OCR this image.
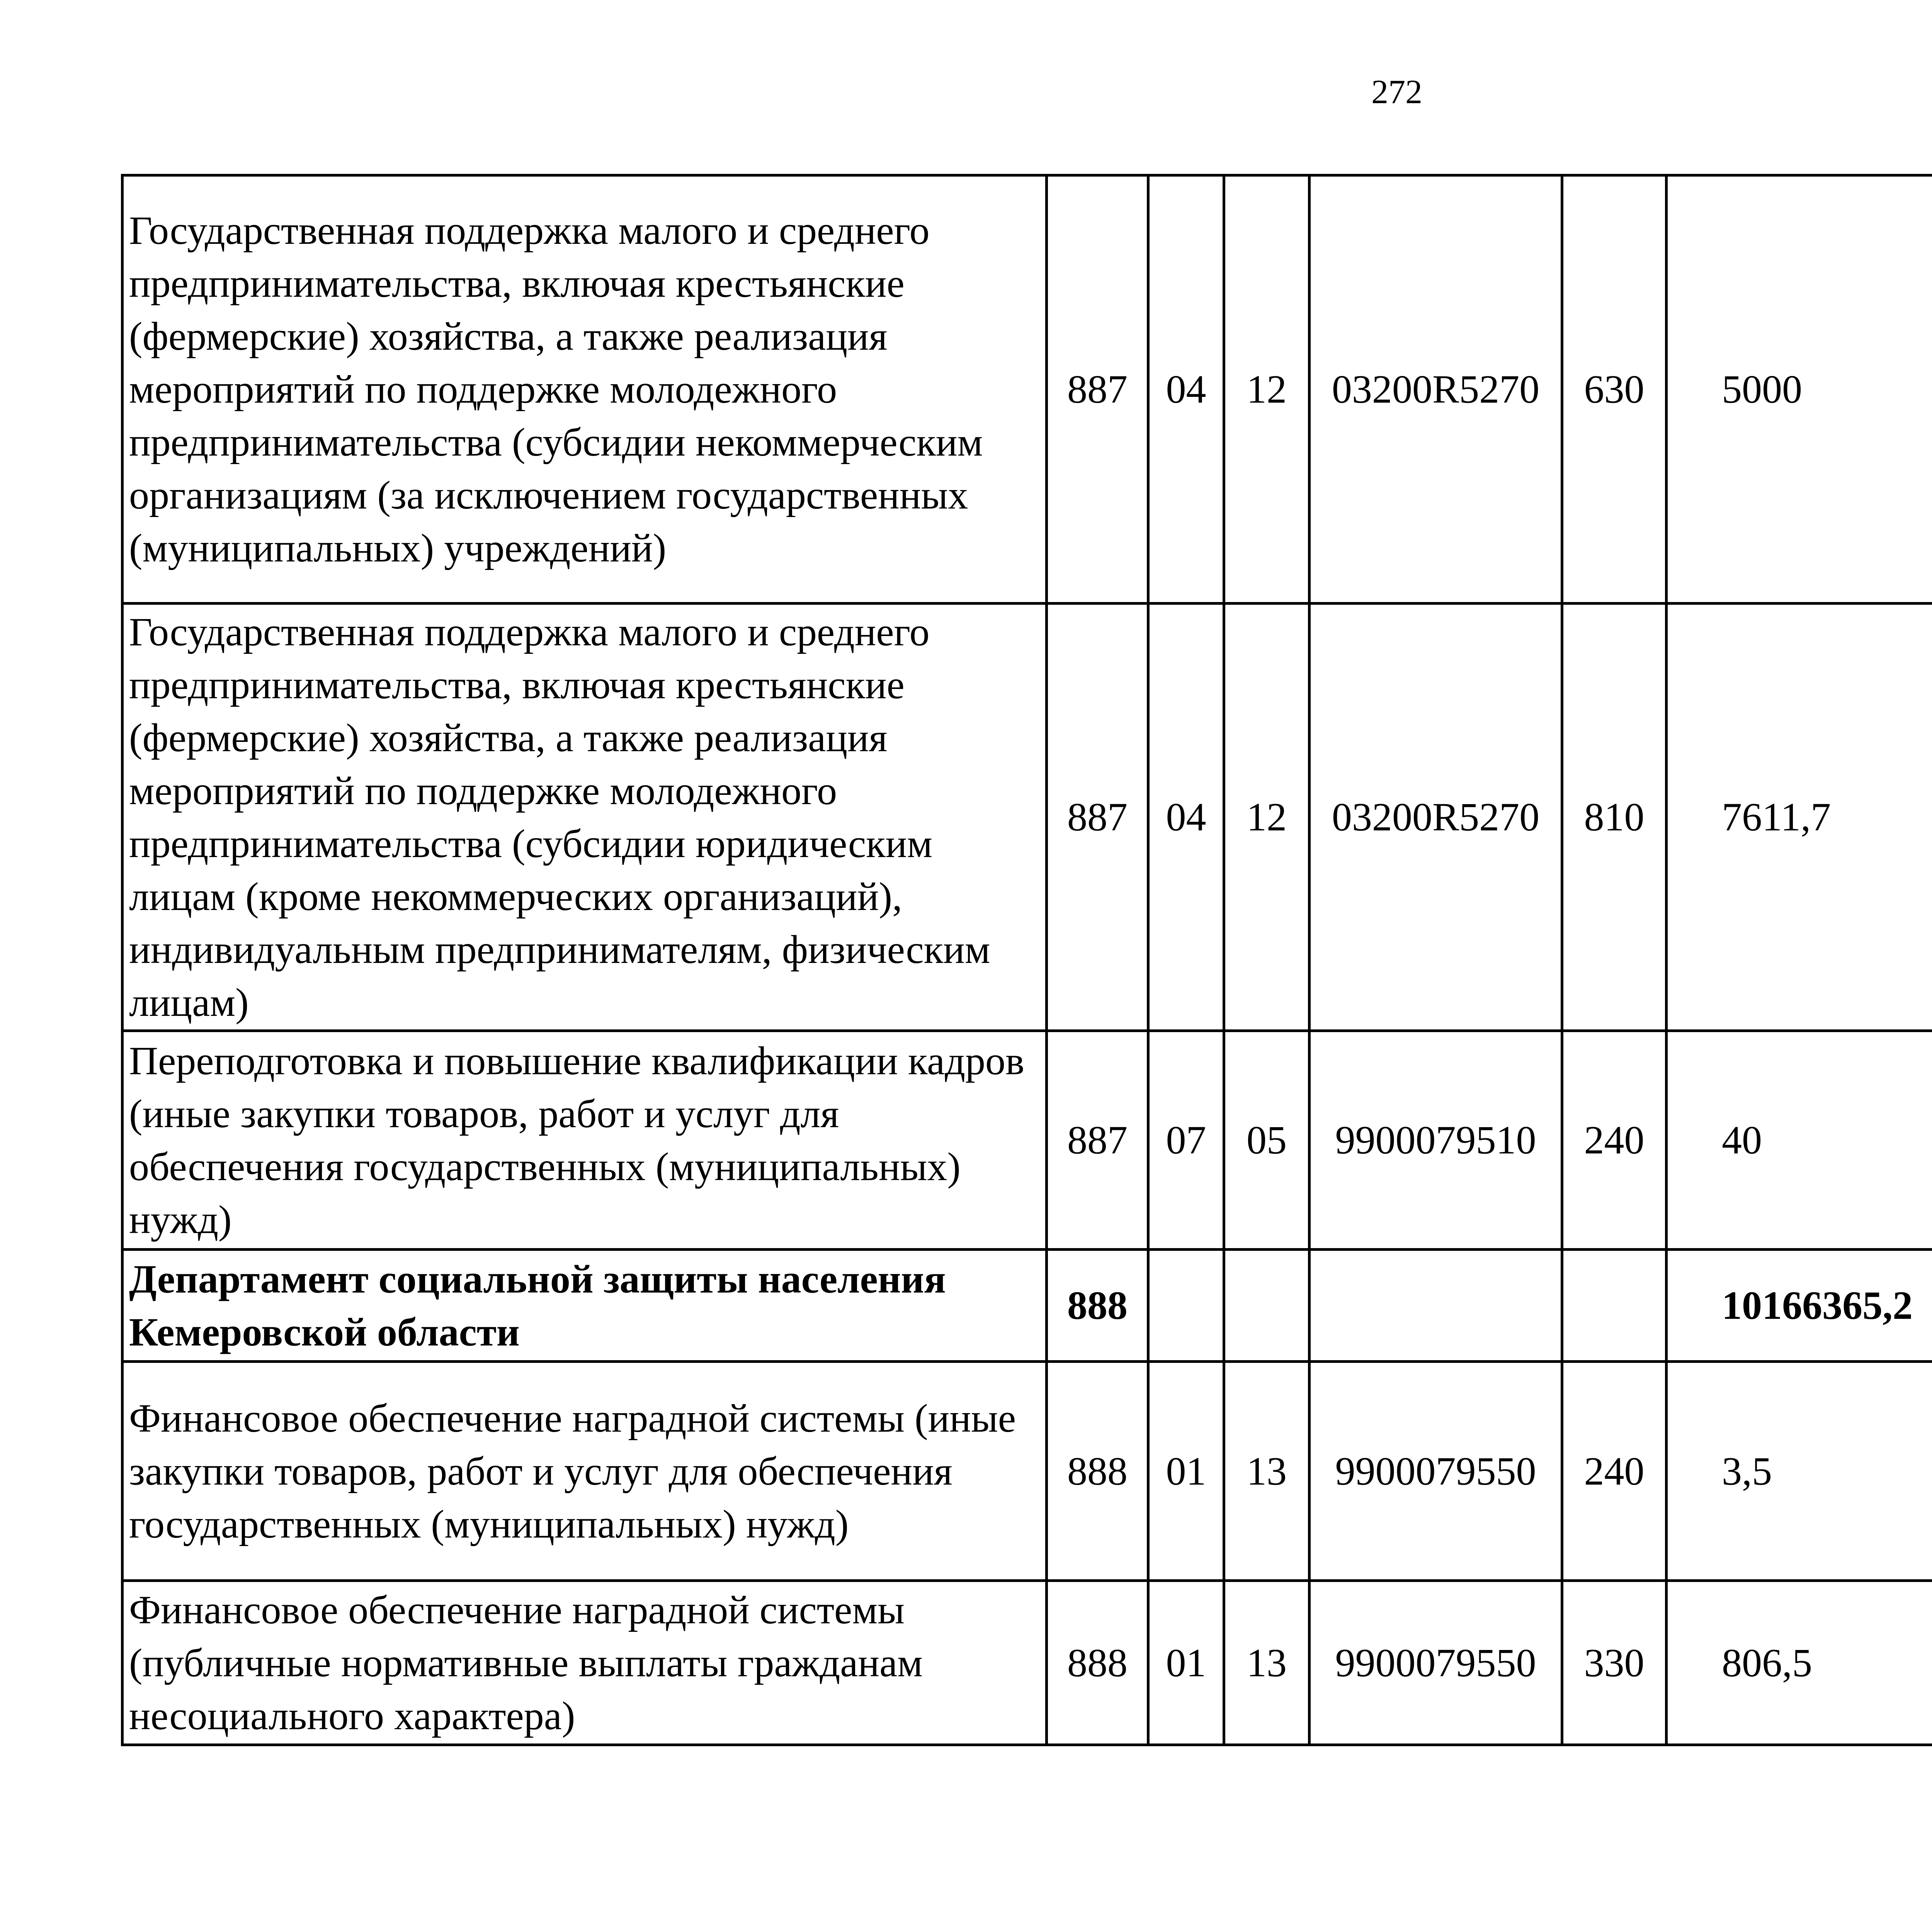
272
Государственная поддержка малого и среднего предпринимательства, включая крестьянские (фермерские) хозяйства, а также реализация мероприятий по поддержке молодежного предпринимательства (субсидии некоммерческим организациям (за исключением государственных (муниципальных) учреждений)	887	04	12	03200R5270	630	5000		
Государственная поддержка малого и среднего предпринимательства, включая крестьянские (фермерские) хозяйства, а также реализация мероприятий по поддержке молодежного предпринимательства (субсидии юридическим лицам (кроме некоммерческих организаций), индивидуальным предпринимателям, физическим лицам)	887	04	12	03200R5270	810	7611,7		
Переподготовка и повышение квалификации кадров (иные закупки товаров, работ и услуг для обеспечения государственных (муниципальных) нужд)	887	07	05	9900079510	240	40		
Департамент социальной защиты населения Кемеровской области	888					10166365,2		
Финансовое обеспечение наградной системы (иные закупки товаров, работ и услуг для обеспечения государственных (муниципальных) нужд)	888	01	13	9900079550	240	3,5		
Финансовое обеспечение наградной системы (публичные нормативные выплаты гражданам несоциального характера)	888	01	13	9900079550	330	806,5		
